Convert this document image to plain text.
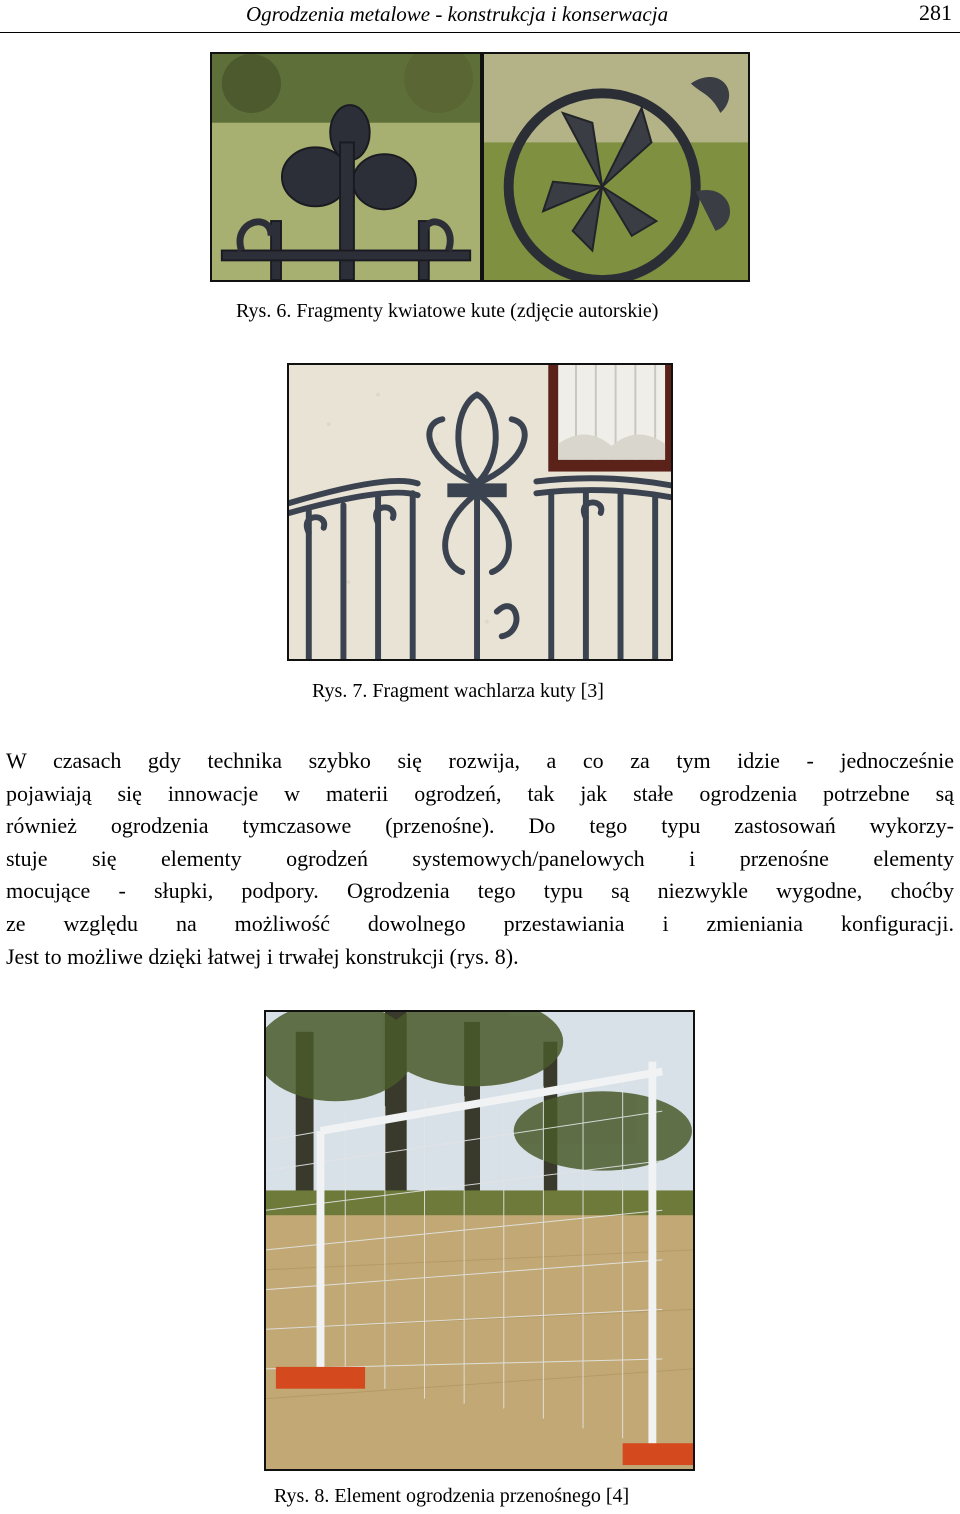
Ogrodzenia metalowe - konstrukcja i konserwacja	281
Rys. 6. Fragmenty kwiatowe kute (zdjęcie autorskie)
Rys. 7. Fragment wachlarza kuty [3]
W czasach gdy technika szybko się rozwija, a co za tym idzie - jednocześnie
pojawiają się innowacje w materii ogrodzeń, tak jak stałe ogrodzenia potrzebne są
również ogrodzenia tymczasowe (przenośne). Do tego typu zastosowań wykorzy-
stuje się elementy ogrodzeń systemowych/panelowych i przenośne elementy
mocujące - słupki, podpory. Ogrodzenia tego typu są niezwykle wygodne, choćby
ze względu na możliwość dowolnego przestawiania i zmieniania konfiguracji.
Jest to możliwe dzięki łatwej i trwałej konstrukcji (rys. 8).
Rys. 8. Element ogrodzenia przenośnego [4]
